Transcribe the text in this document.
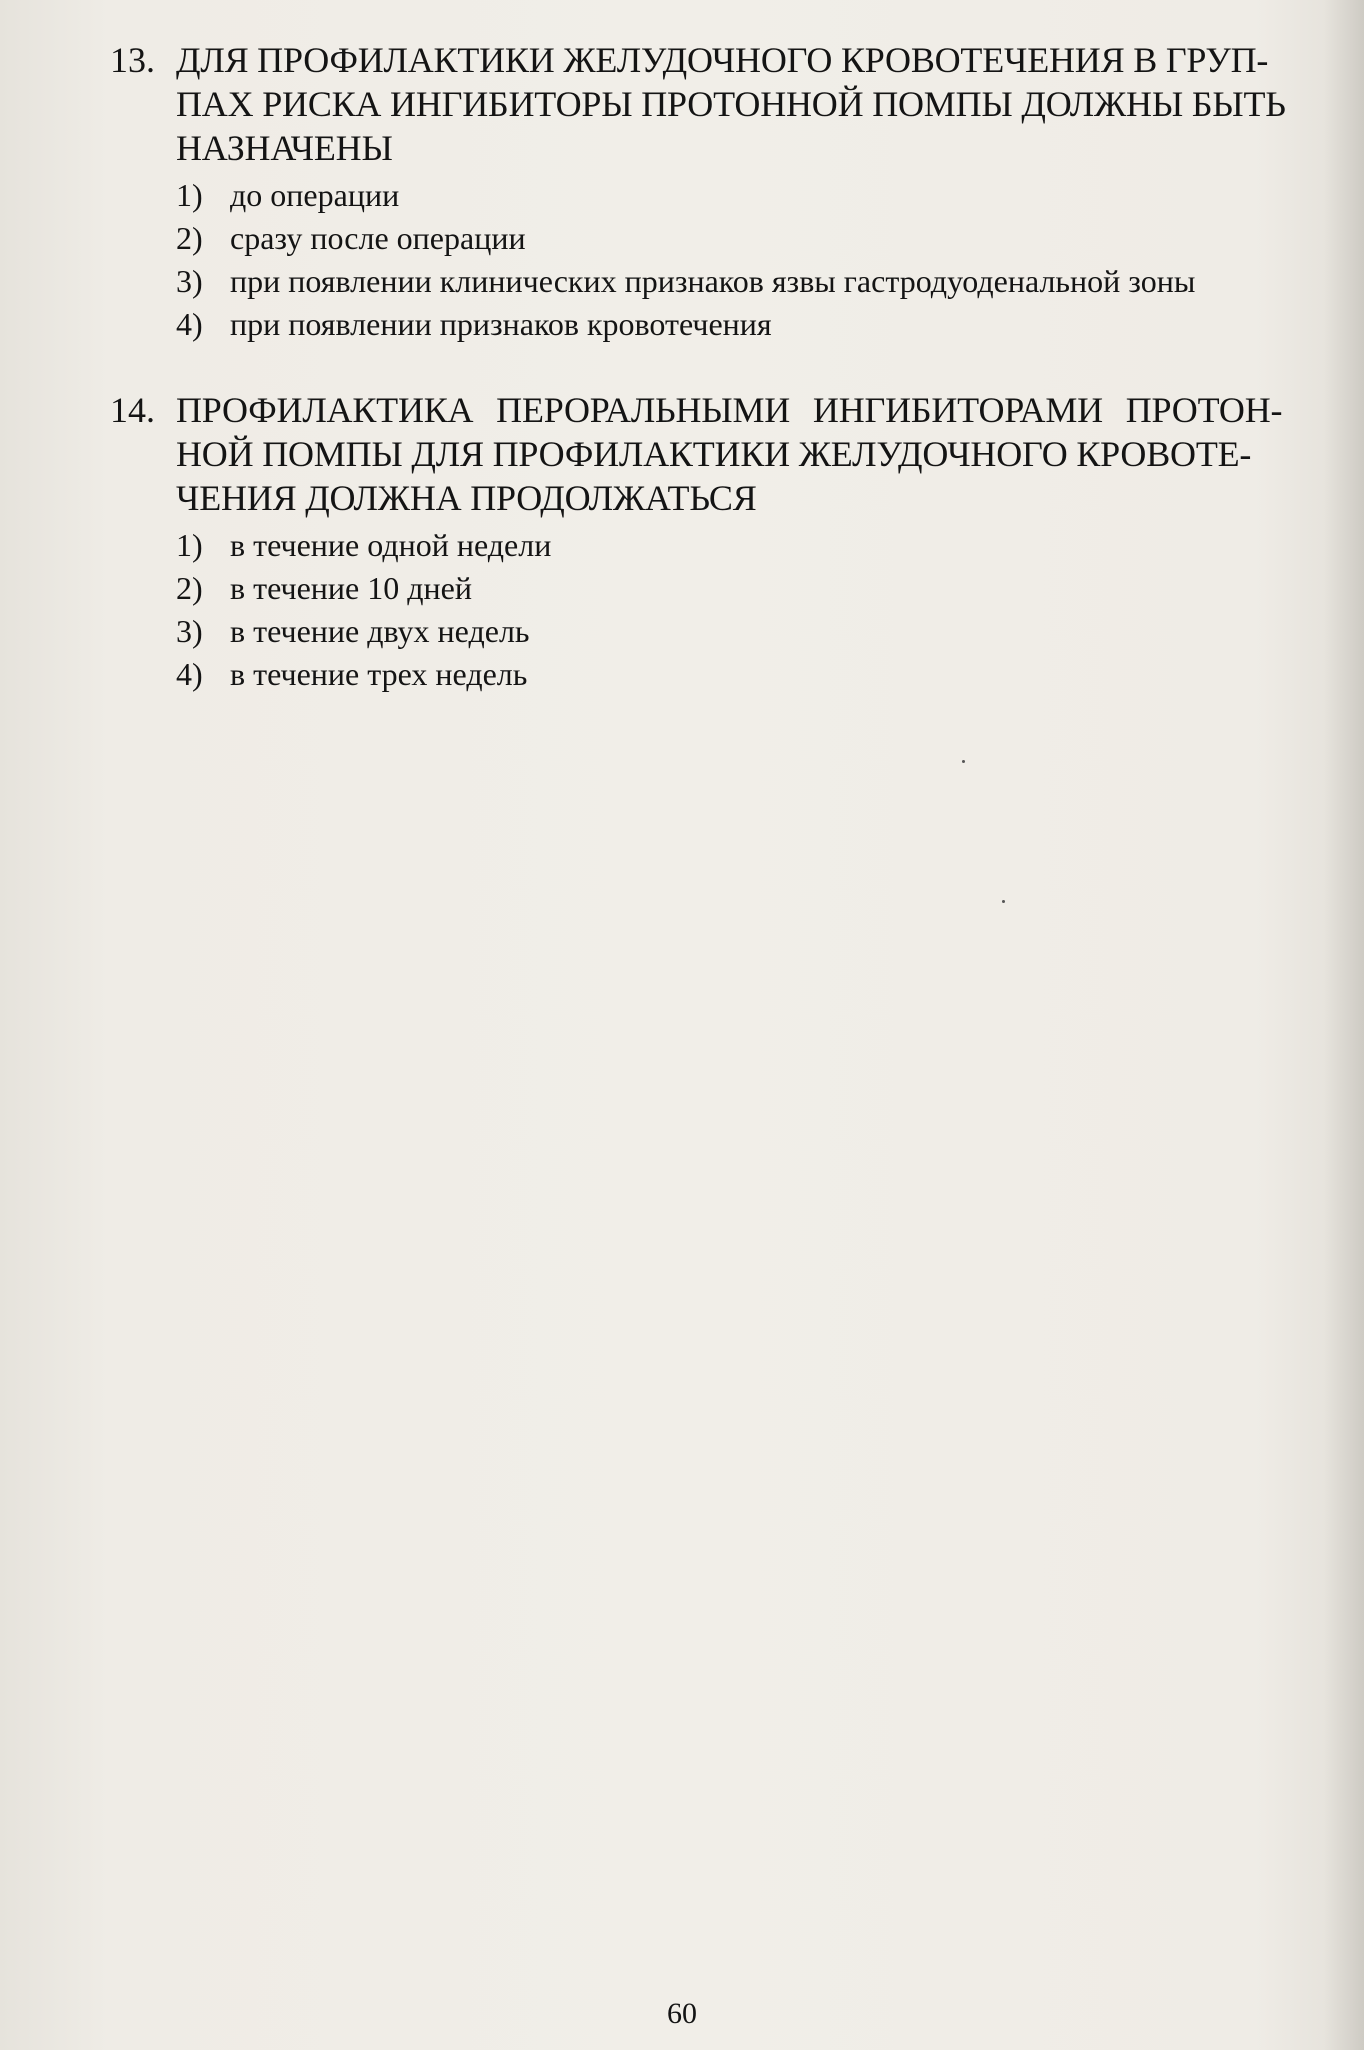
13. ДЛЯ ПРОФИЛАКТИКИ ЖЕЛУДОЧНОГО КРОВОТЕЧЕНИЯ В ГРУП-
ПАХ РИСКА ИНГИБИТОРЫ ПРОТОННОЙ ПОМПЫ ДОЛЖНЫ БЫТЬ
НАЗНАЧЕНЫ
1) до операции
2) сразу после операции
3) при появлении клинических признаков язвы гастродуоденальной зоны
4) при появлении признаков кровотечения
14. ПРОФИЛАКТИКА ПЕРОРАЛЬНЫМИ ИНГИБИТОРАМИ ПРОТОН-
НОЙ ПОМПЫ ДЛЯ ПРОФИЛАКТИКИ ЖЕЛУДОЧНОГО КРОВОТЕ-
ЧЕНИЯ ДОЛЖНА ПРОДОЛЖАТЬСЯ
1) в течение одной недели
2) в течение 10 дней
3) в течение двух недель
4) в течение трех недель
60
